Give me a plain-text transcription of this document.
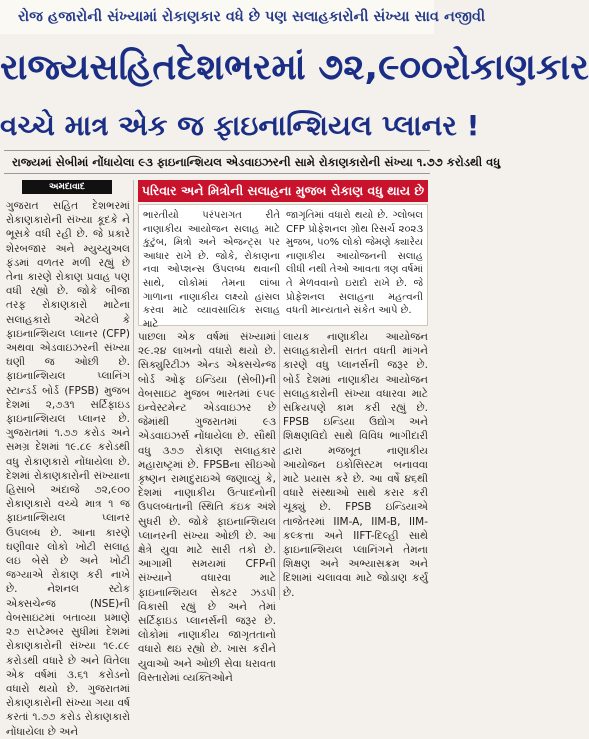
રોજ હજારોની સંખ્યામાં રોકાણકાર વધે છે પણ સલાહકારોની સંખ્યા સાવ નજીવી
રાજ્યસહિતદેશભરમાં ૭૨,૯૦૦રોકાણકાર
વચ્ચે માત્ર એક જ ફાઇનાન્શિયલ પ્લાનર !
રાજ્યમાં સેબીમાં નોંધાયેલા ૯૩ ફાઇનાન્શિયલ એડવાઇઝરની સામે રોકાણકારોની સંખ્યા ૧.૭૭ કરોડથી વધુ
અમદાવાદ
ગુજરાત સહિત દેશભરમાં રોકાણકારોની સંખ્યા કૂદકે ને ભૂસકે વધી રહી છે. જે પ્રકારે શેરબજાર અને મ્યુચ્યુઅલ ફંડમાં વળતર મળી રહ્યું છે તેના કારણે રોકાણ પ્રવાહ પણ વધી રહ્યો છે. જોકે બીજા તરફ રોકાણકારો માટેના સલાહકારો એટલે કે ફાઇનાન્શિયલ પ્લાનર (CFP) અથવા એડવાઇઝરની સંખ્યા ઘણી જ ઓછી છે. ફાઇનાન્શિયલ પ્લાનિંગ સ્ટાન્ડર્ડ બોર્ડ (FPSB) મુજબ દેશમાં ૨,૭૩૧ સર્ટિફાઇડ ફાઇનાન્શિયલ પ્લાનર છે. ગુજરાતમાં ૧.૭૭ કરોડ અને સમગ્ર દેશમાં ૧૯.૮૯ કરોડથી વધુ રોકાણકારો નોંધાયેલા છે. દેશમાં રોકાણકારોની સંખ્યાના હિસાબે અંદાજે ૭૨,૯૦૦ રોકાણકારો વચ્ચે માત્ર ૧ જ ફાઇનાન્શિયલ પ્લાનર ઉપલબ્ધ છે. આના કારણે ઘણીવાર લોકો ખોટી સલાહ લઇ બેસે છે અને ખોટી જગ્યાએ રોકાણ કરી નાખે છે. નેશનલ સ્ટોક એક્સચેન્જ (NSE)ની વેબસાઇટમાં બતાવ્યા પ્રમાણે ૨૭ સપ્ટેમ્બર સુધીમાં દેશમાં રોકાણકારોની સંખ્યા ૧૯.૮૯ કરોડથી વધારે છે અને વિતેલા એક વર્ષમાં ૩.૬૧ કરોડનો વધારો થયો છે. ગુજરાતમાં રોકાણકારોની સંખ્યા ગયા વર્ષ કરતાં ૧.૭૭ કરોડ રોકાણકારો નોંધાયેલા છે અને
પરિવાર અને મિત્રોની સલાહના મુજબ રોકાણ વધુ થાય છે
ભારતીયો પરંપરાગત રીતે નાણાકીય આયોજન સલાહ માટે કુટુંબ, મિત્રો અને એજન્ટ્સ પર આધાર રાખે છે. જોકે, રોકાણના નવા ઓપ્શન્સ ઉપલબ્ધ થવાની સાથે, લોકોમાં તેમના લાંબા ગાળાના નાણાકીય લક્ષ્યો હાંસલ કરવા માટે વ્યાવસાયિક સલાહ માટે
જાગૃતિમાં વધારો થયો છે. ગ્લોબલ CFP પ્રોફેશનલ ગ્રોથ રિસર્ચ ૨૦૨૩ મુજબ, ૫૦% લોકો જેમણે ક્યારેય નાણાકીય આયોજનની સલાહ લીધી નથી તેઓ આવતા ત્રણ વર્ષમાં તે મેળવવાનો ઇરાદો રાખે છે. જે પ્રોફેશનલ સલાહના મહત્વની વધતી માન્યતાને સંકેત આપે છે.
પાછલા એક વર્ષમાં સંખ્યામાં ૨૯.૨૪ લાખનો વધારો થયો છે. સિક્યુરિટીઝ એન્ડ એક્સચેન્જ બોર્ડ ઓફ ઇન્ડિયા (સેબી)ની વેબસાઇટ મુજબ ભારતમાં ૯૫૯ ઇન્વેસ્ટમેન્ટ એડવાઇઝર છે જેમાંથી ગુજરાતમાં ૯૩ એડવાઇઝર્સ નોંધાયેલા છે. સૌથી વધુ ૩૭૭ રોકાણ સલાહકાર મહારાષ્ટ્રમાં છે. FPSBના સીઇઓ કૃષ્ણન રામાદુરાઇએ જણાવ્યું કે, દેશમાં નાણાકીય ઉત્પાદનોની ઉપલબ્ધતાની સ્થિતિ કંઇક અંશે સુધરી છે. જોકે ફાઇનાન્શિયલ પ્લાનરની સંખ્યા ઓછી છે. આ ક્ષેત્રે યુવા માટે સારી તકો છે. આગામી સમયમાં CFPની સંખ્યાને વધારવા માટે ફાઇનાન્શિયલ સેક્ટર ઝડપી વિકાસી રહ્યું છે અને તેમાં સર્ટિફાઇડ પ્લાનર્સની જરૂર છે. લોકોમાં નાણાકીય જાગૃતતાનો વધારો થઇ રહ્યો છે. ખાસ કરીને યુવાઓ અને ઓછી સેવા ધરાવતા વિસ્તારોમાં વ્યક્તિઓને
લાયક નાણાકીય આયોજન સલાહકારોની સતત વધતી માંગને કારણે વધુ પ્લાનર્સની જરૂર છે. બોર્ડ દેશમાં નાણાકીય આયોજન સલાહકારોની સંખ્યા વધારવા માટે સક્રિયપણે કામ કરી રહ્યું છે. FPSB ઇન્ડિયા ઉદ્યોગ અને શિક્ષણવિદો સાથે વિવિધ ભાગીદારી દ્વારા મજબૂત નાણાકીય આયોજન ઇકોસિસ્ટમ બનાવવા માટે પ્રયાસ કરે છે. આ વર્ષે ૪૬થી વધારે સંસ્થાઓ સાથે કરાર કરી ચૂક્યું છે. FPSB ઇન્ડિયાએ તાજેતરમાં IIM-A, IIM-B, IIM-કલ્કત્તા અને IIFT-દિલ્હી સાથે ફાઇનાન્શિયલ પ્લાનિંગને તેમના શિક્ષણ અને અભ્યાસક્રમ અને દિશામાં ચલાવવા માટે જોડાણ કર્યું છે.
